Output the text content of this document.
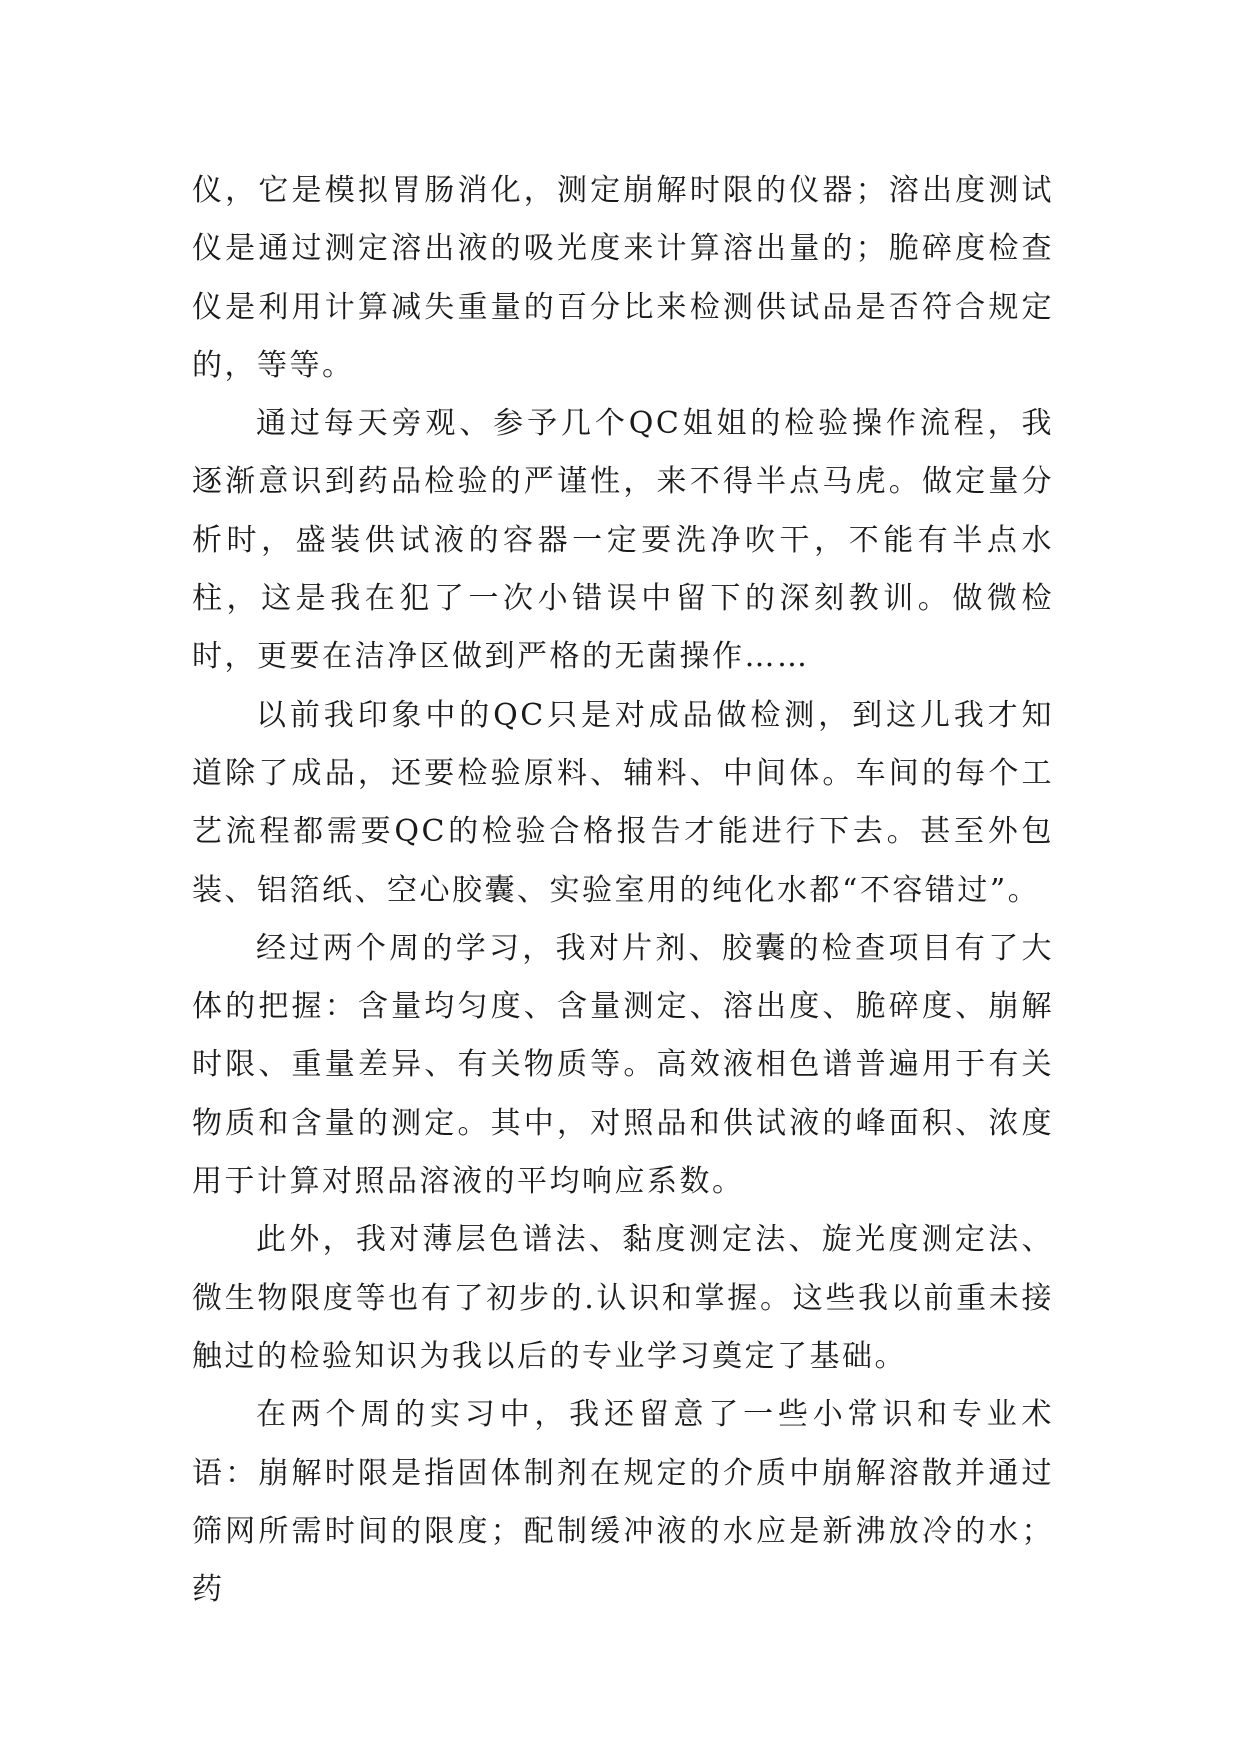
仪，它是模拟胃肠消化，测定崩解时限的仪器；溶出度测试仪是通过测定溶出液的吸光度来计算溶出量的；脆碎度检查仪是利用计算减失重量的百分比来检测供试品是否符合规定的，等等。

通过每天旁观、参予几个QC姐姐的检验操作流程，我逐渐意识到药品检验的严谨性，来不得半点马虎。做定量分析时，盛装供试液的容器一定要洗净吹干，不能有半点水柱，这是我在犯了一次小错误中留下的深刻教训。做微检时，更要在洁净区做到严格的无菌操作……

以前我印象中的QC只是对成品做检测，到这儿我才知道除了成品，还要检验原料、辅料、中间体。车间的每个工艺流程都需要QC的检验合格报告才能进行下去。甚至外包装、铝箔纸、空心胶囊、实验室用的纯化水都“不容错过”。

经过两个周的学习，我对片剂、胶囊的检查项目有了大体的把握：含量均匀度、含量测定、溶出度、脆碎度、崩解时限、重量差异、有关物质等。高效液相色谱普遍用于有关物质和含量的测定。其中，对照品和供试液的峰面积、浓度用于计算对照品溶液的平均响应系数。

此外，我对薄层色谱法、黏度测定法、旋光度测定法、微生物限度等也有了初步的.认识和掌握。这些我以前重未接触过的检验知识为我以后的专业学习奠定了基础。

在两个周的实习中，我还留意了一些小常识和专业术语：崩解时限是指固体制剂在规定的介质中崩解溶散并通过筛网所需时间的限度；配制缓冲液的水应是新沸放冷的水；药
